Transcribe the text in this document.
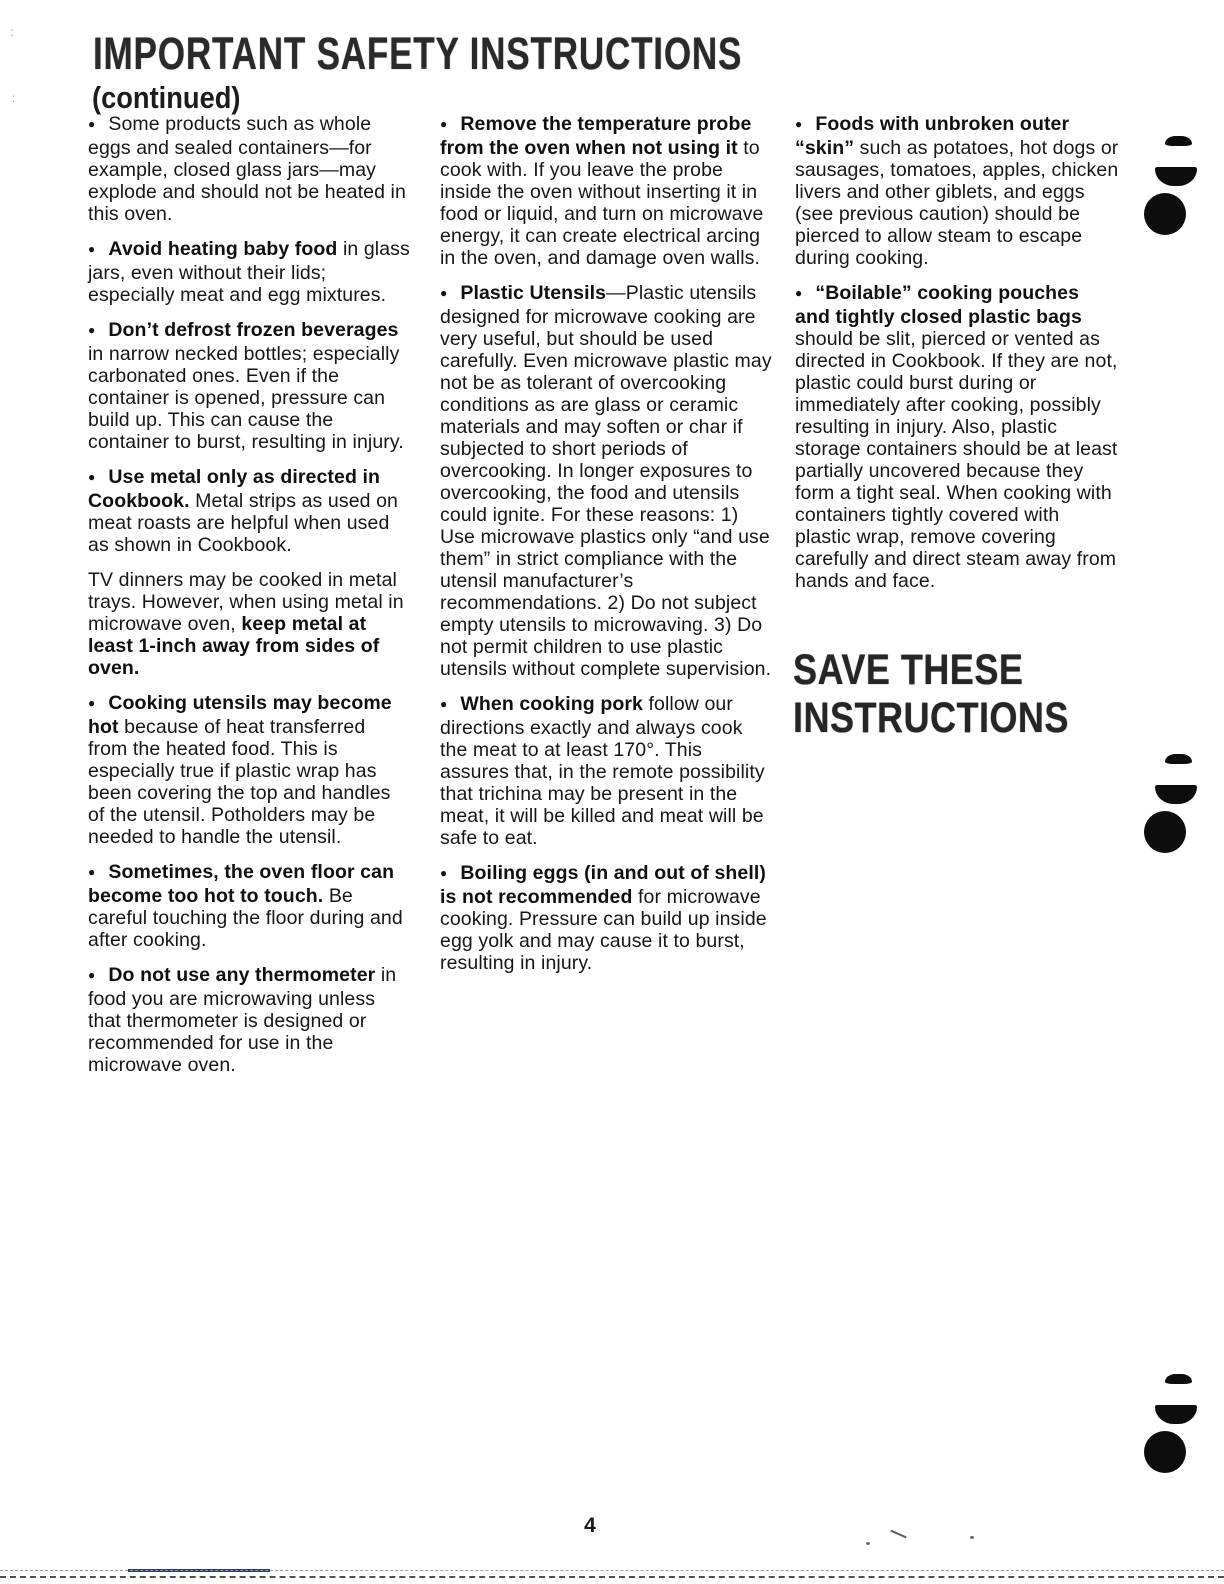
IMPORTANT SAFETY INSTRUCTIONS
(continued)

● Some products such as whole eggs and sealed containers—for example, closed glass jars—may explode and should not be heated in this oven.

● Avoid heating baby food in glass jars, even without their lids; especially meat and egg mixtures.

● Don’t defrost frozen beverages in narrow necked bottles; especially carbonated ones. Even if the container is opened, pressure can build up. This can cause the container to burst, resulting in injury.

● Use metal only as directed in Cookbook. Metal strips as used on meat roasts are helpful when used as shown in Cookbook.

TV dinners may be cooked in metal trays. However, when using metal in microwave oven, keep metal at least 1-inch away from sides of oven.

● Cooking utensils may become hot because of heat transferred from the heated food. This is especially true if plastic wrap has been covering the top and handles of the utensil. Potholders may be needed to handle the utensil.

● Sometimes, the oven floor can become too hot to touch. Be careful touching the floor during and after cooking.

● Do not use any thermometer in food you are microwaving unless that thermometer is designed or recommended for use in the microwave oven.

● Remove the temperature probe from the oven when not using it to cook with. If you leave the probe inside the oven without inserting it in food or liquid, and turn on microwave energy, it can create electrical arcing in the oven, and damage oven walls.

● Plastic Utensils—Plastic utensils designed for microwave cooking are very useful, but should be used carefully. Even microwave plastic may not be as tolerant of overcooking conditions as are glass or ceramic materials and may soften or char if subjected to short periods of overcooking. In longer exposures to overcooking, the food and utensils could ignite. For these reasons: 1) Use microwave plastics only “and use them” in strict compliance with the utensil manufacturer’s recommendations. 2) Do not subject empty utensils to microwaving. 3) Do not permit children to use plastic utensils without complete supervision.

● When cooking pork follow our directions exactly and always cook the meat to at least 170°. This assures that, in the remote possibility that trichina may be present in the meat, it will be killed and meat will be safe to eat.

● Boiling eggs (in and out of shell) is not recommended for microwave cooking. Pressure can build up inside egg yolk and may cause it to burst, resulting in injury.

● Foods with unbroken outer “skin” such as potatoes, hot dogs or sausages, tomatoes, apples, chicken livers and other giblets, and eggs (see previous caution) should be pierced to allow steam to escape during cooking.

● “Boilable” cooking pouches and tightly closed plastic bags should be slit, pierced or vented as directed in Cookbook. If they are not, plastic could burst during or immediately after cooking, possibly resulting in injury. Also, plastic storage containers should be at least partially uncovered because they form a tight seal. When cooking with containers tightly covered with plastic wrap, remove covering carefully and direct steam away from hands and face.

SAVE THESE
INSTRUCTIONS
4
:
:
